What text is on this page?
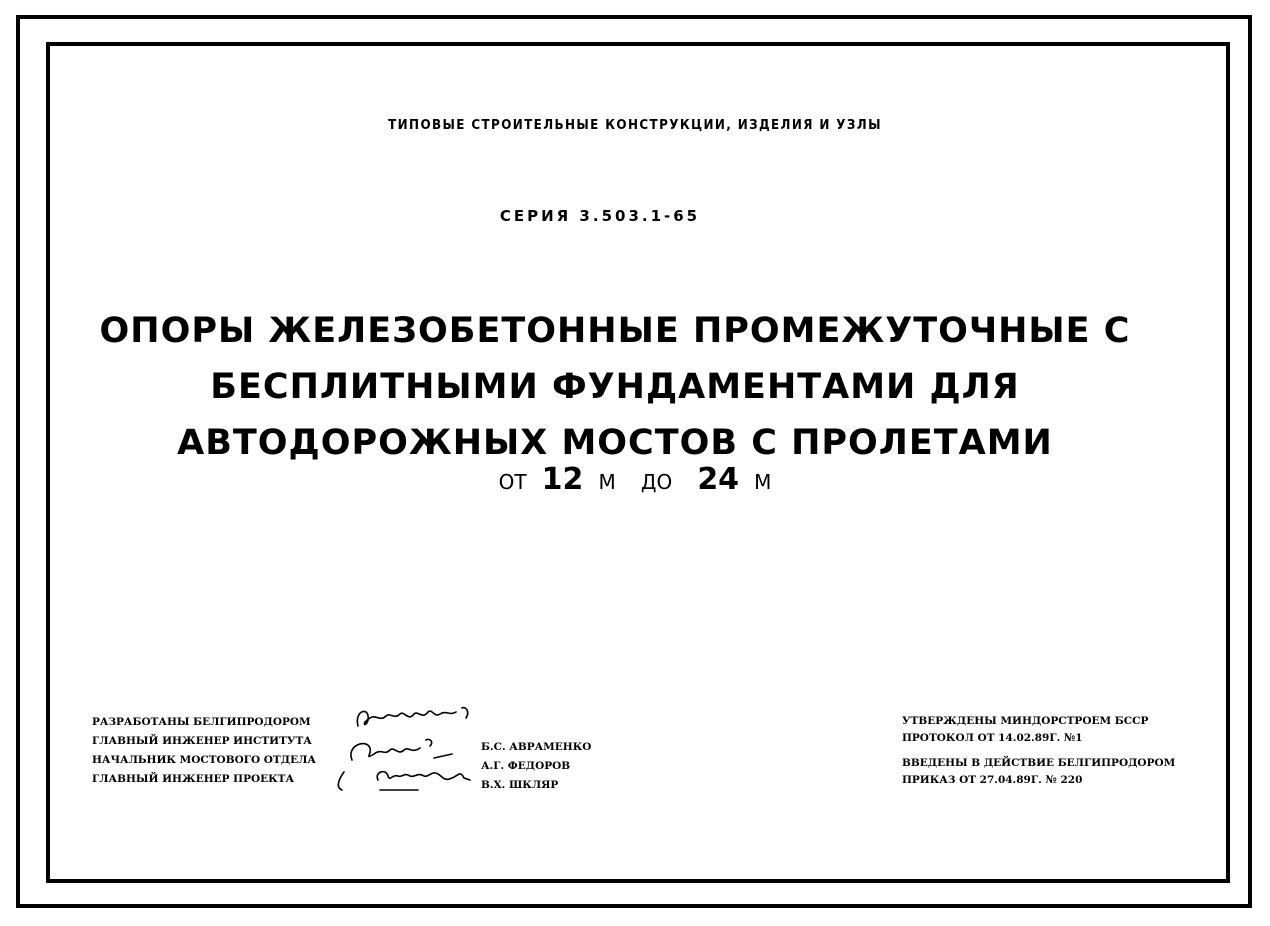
ТИПОВЫЕ СТРОИТЕЛЬНЫЕ КОНСТРУКЦИИ, ИЗДЕЛИЯ И УЗЛЫ
СЕРИЯ 3.503.1-65
ОПОРЫ ЖЕЛЕЗОБЕТОННЫЕ ПРОМЕЖУТОЧНЫЕ С
БЕСПЛИТНЫМИ ФУНДАМЕНТАМИ ДЛЯ
АВТОДОРОЖНЫХ МОСТОВ С ПРОЛЕТАМИ
ОТ 12 М ДО 24 М
РАЗРАБОТАНЫ БЕЛГИПРОДОРОМ
ГЛАВНЫЙ ИНЖЕНЕР ИНСТИТУТА
НАЧАЛЬНИК МОСТОВОГО ОТДЕЛА
ГЛАВНЫЙ ИНЖЕНЕР ПРОЕКТА
Б.С. АВРАМЕНКО
А.Г. ФЕДОРОВ
В.Х. ШКЛЯР
УТВЕРЖДЕНЫ МИНДОРСТРОЕМ БССР
ПРОТОКОЛ ОТ 14.02.89Г. №1
ВВЕДЕНЫ В ДЕЙСТВИЕ БЕЛГИПРОДОРОМ
ПРИКАЗ ОТ 27.04.89Г. № 220
